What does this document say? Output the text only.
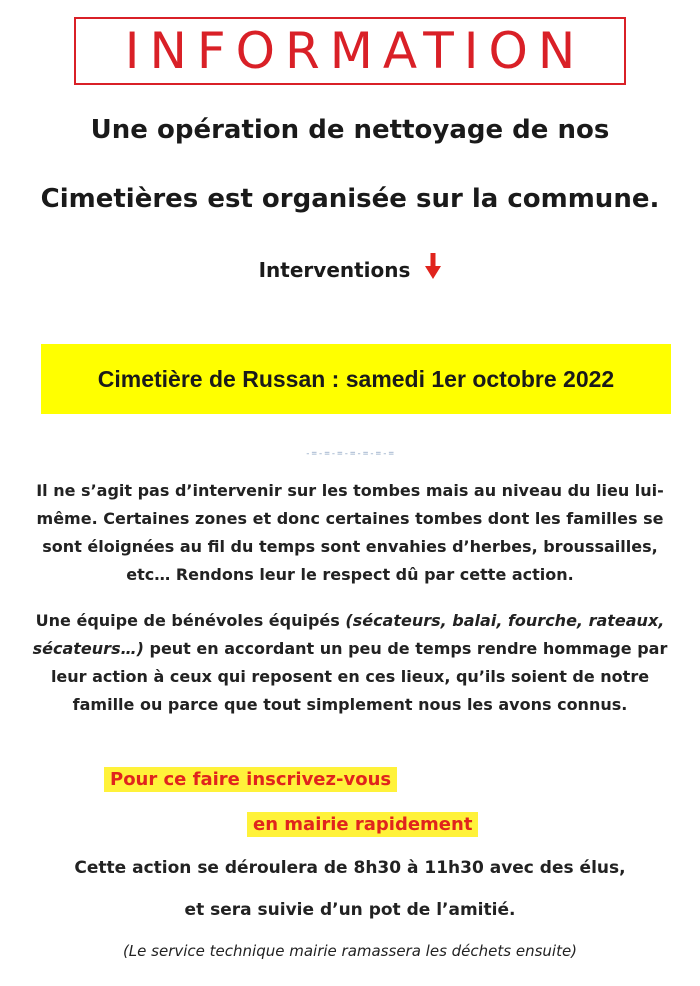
INFORMATION
Une opération de nettoyage de nos
Cimetières est organisée sur la commune.
Interventions
Cimetière de Russan : samedi 1er octobre 2022
-=-=-=-=-=-=-=
Il ne s’agit pas d’intervenir sur les tombes mais au niveau du lieu lui-même. Certaines zones et donc certaines tombes dont les familles se sont éloignées au fil du temps sont envahies d’herbes, broussailles, etc… Rendons leur le respect dû par cette action.
Une équipe de bénévoles équipés (sécateurs, balai, fourche, rateaux, sécateurs…) peut en accordant un peu de temps rendre hommage par leur action à ceux qui reposent en ces lieux, qu’ils soient de notre famille ou parce que tout simplement nous les avons connus.
Pour ce faire inscrivez-vous
en mairie rapidement
Cette action se déroulera de 8h30 à 11h30 avec des élus,
et sera suivie d’un pot de l’amitié.
(Le service technique mairie ramassera les déchets ensuite)
